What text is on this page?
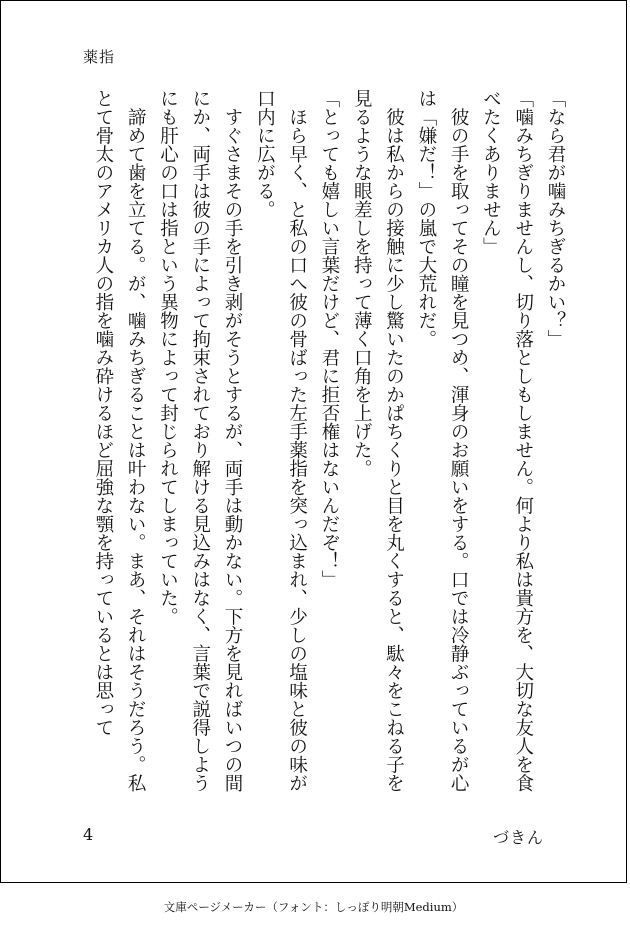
薬指

「なら君が噛みちぎるかい？」

「噛みちぎりませんし、切り落としもしません。何より私は貴方を、大切な友人を食べたくありません」

　彼の手を取ってその瞳を見つめ、渾身のお願いをする。口では冷静ぶっているが心は「嫌だ！」の嵐で大荒れだ。

　彼は私からの接触に少し驚いたのかぱちくりと目を丸くすると、駄々をこねる子を見るような眼差しを持って薄く口角を上げた。

「とっても嬉しい言葉だけど、君に拒否権はないんだぞ！」

　ほら早く、と私の口へ彼の骨ばった左手薬指を突っ込まれ、少しの塩味と彼の味が口内に広がる。

　すぐさまその手を引き剥がそうとするが、両手は動かない。下方を見ればいつの間にか、両手は彼の手によって拘束されており解ける見込みはなく、言葉で説得しようにも肝心の口は指という異物によって封じられてしまっていた。

　諦めて歯を立てる。が、噛みちぎることは叶わない。まあ、それはそうだろう。私とて骨太のアメリカ人の指を噛み砕けるほど屈強な顎を持っているとは思って

4	づきん
文庫ページメーカー（フォント：しっぽり明朝Medium）
